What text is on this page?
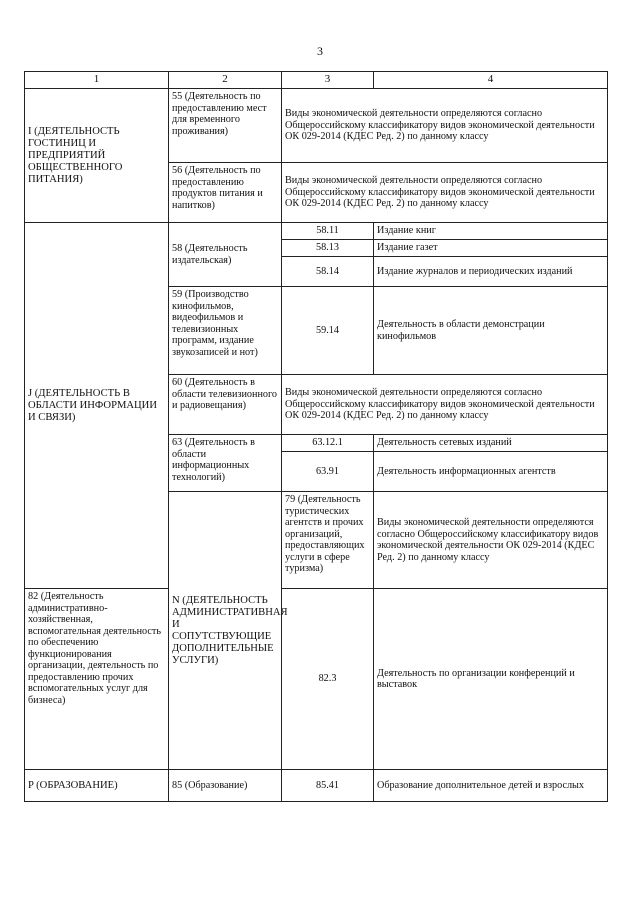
3
1	2	3	4
I (ДЕЯТЕЛЬНОСТЬ ГОСТИНИЦ И ПРЕДПРИЯТИЙ ОБЩЕСТВЕННОГО ПИТАНИЯ)	55 (Деятельность по предоставлению мест для временного проживания)	Виды экономической деятельности определяются согласно Общероссийскому классификатору видов экономической деятельности ОК 029-2014 (КДЕС Ред. 2) по данному классу	
	56 (Деятельность по предоставлению продуктов питания и напитков)	Виды экономической деятельности определяются согласно Общероссийскому классификатору видов экономической деятельности ОК 029-2014 (КДЕС Ред. 2) по данному классу	
J (ДЕЯТЕЛЬНОСТЬ В ОБЛАСТИ ИНФОРМАЦИИ И СВЯЗИ)	58 (Деятельность издательская)	58.11	Издание книг
		58.13	Издание газет
		58.14	Издание журналов и периодических изданий
	59 (Производство кинофильмов, видеофильмов и телевизионных программ, издание звукозаписей и нот)	59.14	Деятельность в области демонстрации кинофильмов
	60 (Деятельность в области телевизионного и радиовещания)	Виды экономической деятельности определяются согласно Общероссийскому классификатору видов экономической деятельности ОК 029-2014 (КДЕС Ред. 2) по данному классу	
	63 (Деятельность в области информационных технологий)	63.12.1	Деятельность сетевых изданий
		63.91	Деятельность информационных агентств
	N (ДЕЯТЕЛЬНОСТЬ АДМИНИСТРАТИВНАЯ И СОПУТСТВУЮЩИЕ ДОПОЛНИТЕЛЬНЫЕ УСЛУГИ)	79 (Деятельность туристических агентств и прочих организаций, предоставляющих услуги в сфере туризма)	Виды экономической деятельности определяются согласно Общероссийскому классификатору видов экономической деятельности ОК 029-2014 (КДЕС Ред. 2) по данному классу
82 (Деятельность административно-хозяйственная, вспомогательная деятельность по обеспечению функционирования организации, деятельность по предоставлению прочих вспомогательных услуг для бизнеса)		82.3	Деятельность по организации конференций и выставок
P (ОБРАЗОВАНИЕ)	85 (Образование)	85.41	Образование дополнительное детей и взрослых
